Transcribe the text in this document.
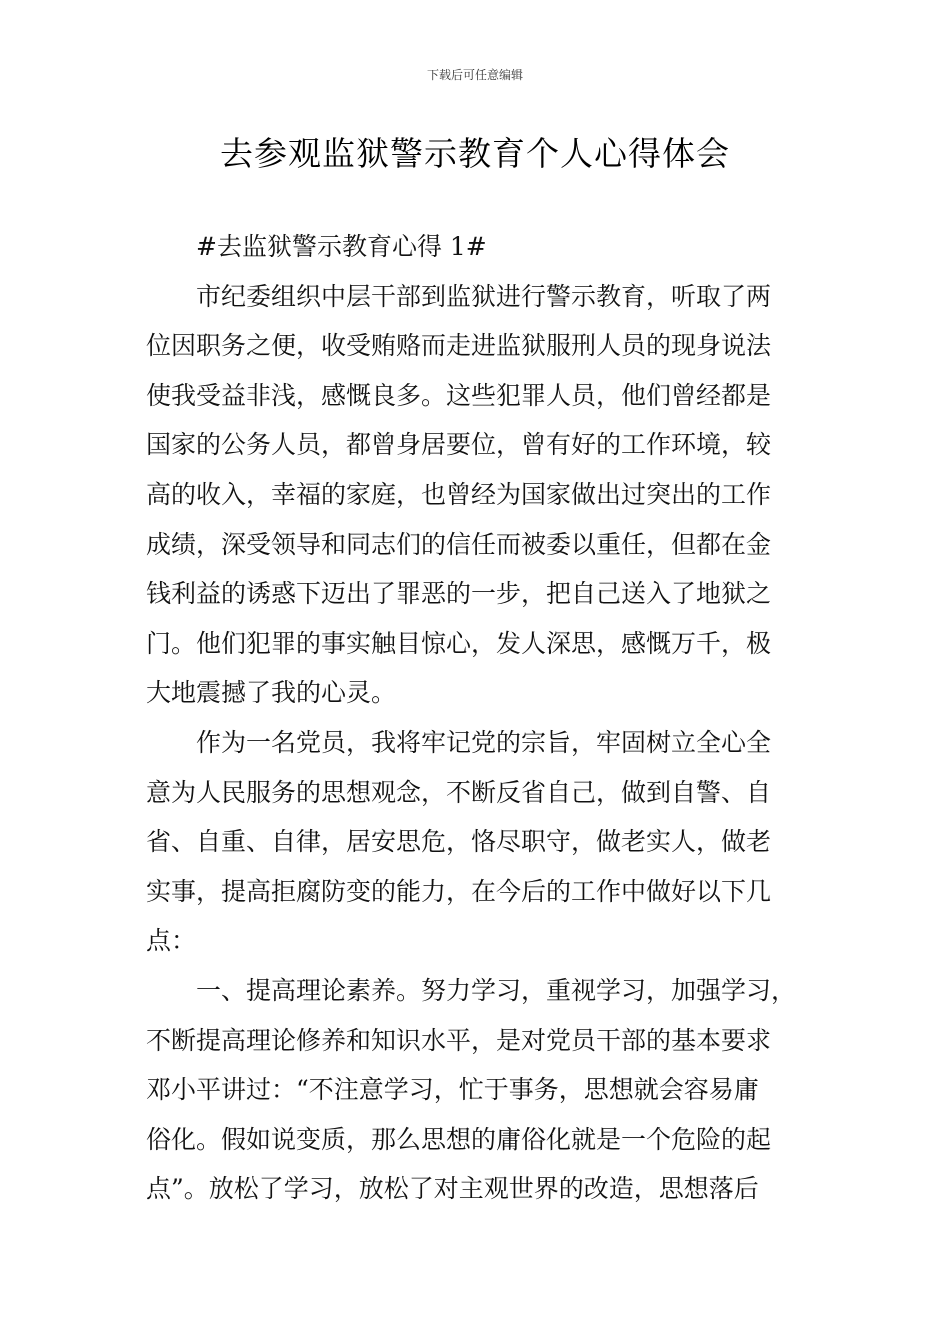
下载后可任意编辑
去参观监狱警示教育个人心得体会
#去监狱警示教育心得 1#
市纪委组织中层干部到监狱进行警示教育，听取了两
位因职务之便，收受贿赂而走进监狱服刑人员的现身说法
使我受益非浅，感慨良多。这些犯罪人员，他们曾经都是
国家的公务人员，都曾身居要位，曾有好的工作环境，较
高的收入，幸福的家庭，也曾经为国家做出过突出的工作
成绩，深受领导和同志们的信任而被委以重任，但都在金
钱利益的诱惑下迈出了罪恶的一步，把自己送入了地狱之
门。他们犯罪的事实触目惊心，发人深思，感慨万千，极
大地震撼了我的心灵。
作为一名党员，我将牢记党的宗旨，牢固树立全心全
意为人民服务的思想观念，不断反省自己，做到自警、自
省、自重、自律，居安思危，恪尽职守，做老实人，做老
实事，提高拒腐防变的能力，在今后的工作中做好以下几
点：
一、提高理论素养。努力学习，重视学习，加强学习，
不断提高理论修养和知识水平，是对党员干部的基本要求
邓小平讲过：“不注意学习，忙于事务，思想就会容易庸
俗化。假如说变质，那么思想的庸俗化就是一个危险的起
点”。放松了学习，放松了对主观世界的改造，思想落后
